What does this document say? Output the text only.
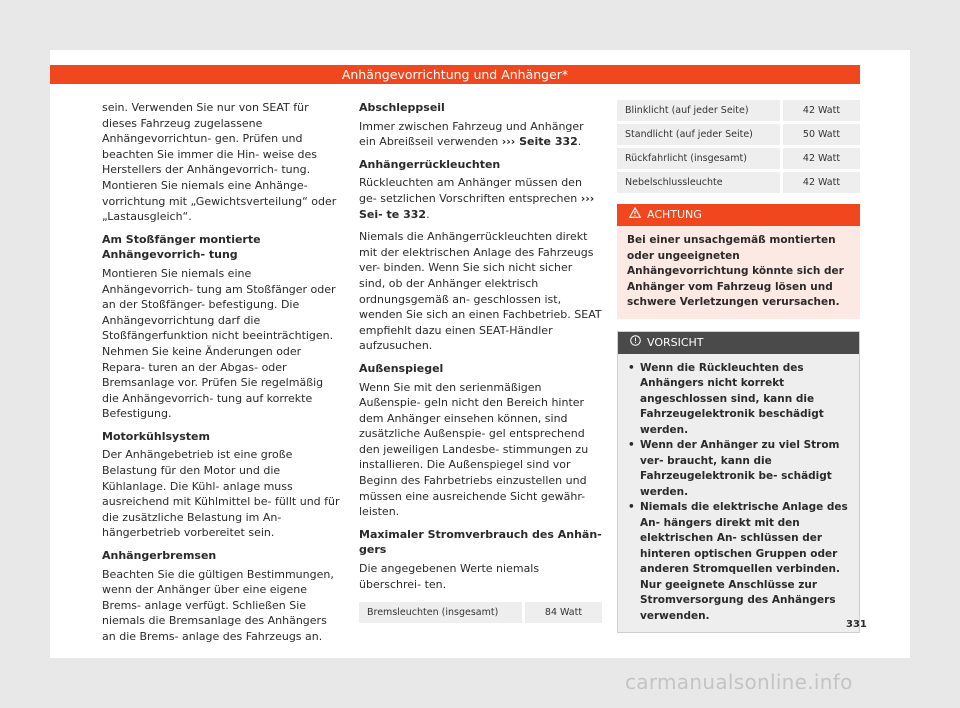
Anhängevorrichtung und Anhänger*

sein. Verwenden Sie nur von SEAT für dieses Fahrzeug zugelassene Anhängevorrichtun- gen. Prüfen und beachten Sie immer die Hin- weise des Herstellers der Anhängevorrich- tung. Montieren Sie niemals eine Anhänge- vorrichtung mit „Gewichtsverteilung“ oder „Lastausgleich“.

Am Stoßfänger montierte Anhängevorrich- tung

Montieren Sie niemals eine Anhängevorrich- tung am Stoßfänger oder an der Stoßfänger- befestigung. Die Anhängevorrichtung darf die Stoßfängerfunktion nicht beeinträchtigen. Nehmen Sie keine Änderungen oder Repara- turen an der Abgas- oder Bremsanlage vor. Prüfen Sie regelmäßig die Anhängevorrich- tung auf korrekte Befestigung.

Motorkühlsystem

Der Anhängebetrieb ist eine große Belastung für den Motor und die Kühlanlage. Die Kühl- anlage muss ausreichend mit Kühlmittel be- füllt und für die zusätzliche Belastung im An- hängerbetrieb vorbereitet sein.

Anhängerbremsen

Beachten Sie die gültigen Bestimmungen, wenn der Anhänger über eine eigene Brems- anlage verfügt. Schließen Sie niemals die Bremsanlage des Anhängers an die Brems- anlage des Fahrzeugs an.

Abschleppseil

Immer zwischen Fahrzeug und Anhänger ein Abreißseil verwenden ››› Seite 332.

Anhängerrückleuchten

Rückleuchten am Anhänger müssen den ge- setzlichen Vorschriften entsprechen ››› Sei- te 332.

Niemals die Anhängerrückleuchten direkt mit der elektrischen Anlage des Fahrzeugs ver- binden. Wenn Sie sich nicht sicher sind, ob der Anhänger elektrisch ordnungsgemäß an- geschlossen ist, wenden Sie sich an einen Fachbetrieb. SEAT empfiehlt dazu einen SEAT-Händler aufzusuchen.

Außenspiegel

Wenn Sie mit den serienmäßigen Außenspie- geln nicht den Bereich hinter dem Anhänger einsehen können, sind zusätzliche Außenspie- gel entsprechend den jeweiligen Landesbe- stimmungen zu installieren. Die Außenspiegel sind vor Beginn des Fahrbetriebs einzustellen und müssen eine ausreichende Sicht gewähr- leisten.

Maximaler Stromverbrauch des Anhän- gers

Die angegebenen Werte niemals überschrei- ten.

Bremsleuchten (insgesamt)	84 Watt
Blinklicht (auf jeder Seite)	42 Watt
Standlicht (auf jeder Seite)	50 Watt
Rückfahrlicht (insgesamt)	42 Watt
Nebelschlussleuchte	42 Watt
ACHTUNG
Bei einer unsachgemäß montierten oder ungeeigneten Anhängevorrichtung könnte sich der Anhänger vom Fahrzeug lösen und schwere Verletzungen verursachen.
VORSICHT
• Wenn die Rückleuchten des Anhängers nicht korrekt angeschlossen sind, kann die Fahrzeugelektronik beschädigt werden.
• Wenn der Anhänger zu viel Strom ver- braucht, kann die Fahrzeugelektronik be- schädigt werden.
• Niemals die elektrische Anlage des An- hängers direkt mit den elektrischen An- schlüssen der hinteren optischen Gruppen oder anderen Stromquellen verbinden. Nur geeignete Anschlüsse zur Stromversorgung des Anhängers verwenden.
331
carmanualsonline.info
